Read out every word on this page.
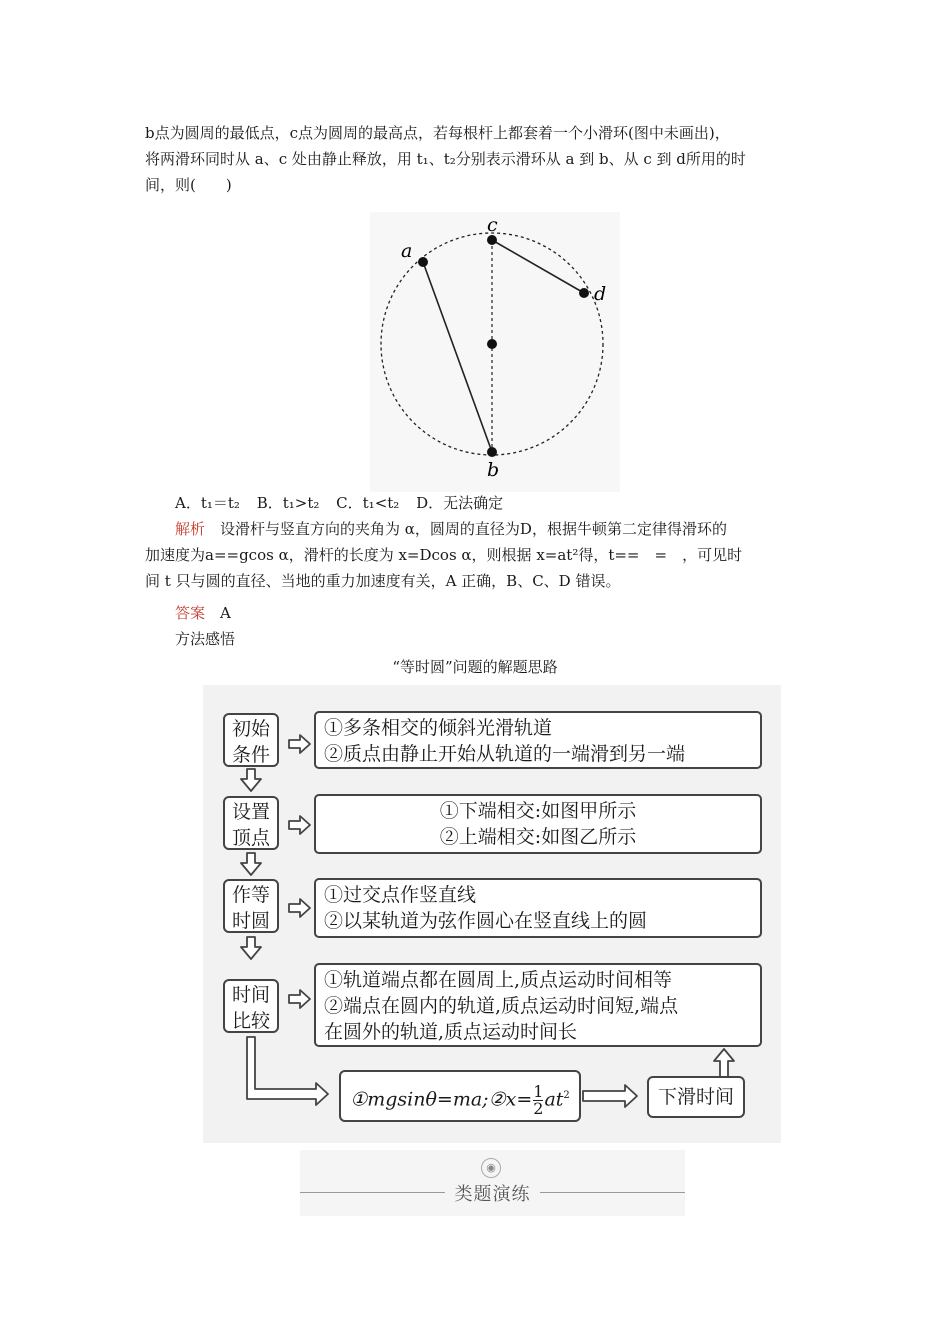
b点为圆周的最低点，c点为圆周的最高点，若每根杆上都套着一个小滑环(图中未画出)，

将两滑环同时从 a、c 处由静止释放，用 t₁、t₂分别表示滑环从 a 到 b、从 c 到 d所用的时

间，则(　　)

a
c
d
b
A．t₁＝t₂ B．t₁>t₂ C．t₁<t₂ D．无法确定

解析　 设滑杆与竖直方向的夹角为 α，圆周的直径为D，根据牛顿第二定律得滑环的

加速度为a==gcos α，滑杆的长度为 x=Dcos α，则根据 x=at²得，t==　=　，可见时

间 t 只与圆的直径、当地的重力加速度有关，A 正确，B、C、D 错误。

答案　 A

方法感悟

“等时圆”问题的解题思路
初始条件
①多条相交的倾斜光滑轨道
②质点由静止开始从轨道的一端滑到另一端
设置顶点
①下端相交:如图甲所示
②上端相交:如图乙所示
作等时圆
①过交点作竖直线
②以某轨道为弦作圆心在竖直线上的圆
时间比较
①轨道端点都在圆周上,质点运动时间相等
②端点在圆内的轨道,质点运动时间短,端点
在圆外的轨道,质点运动时间长
①mgsinθ=ma;②x= $\frac{1}{2} at^2$	下滑时间
◉
类题演练
